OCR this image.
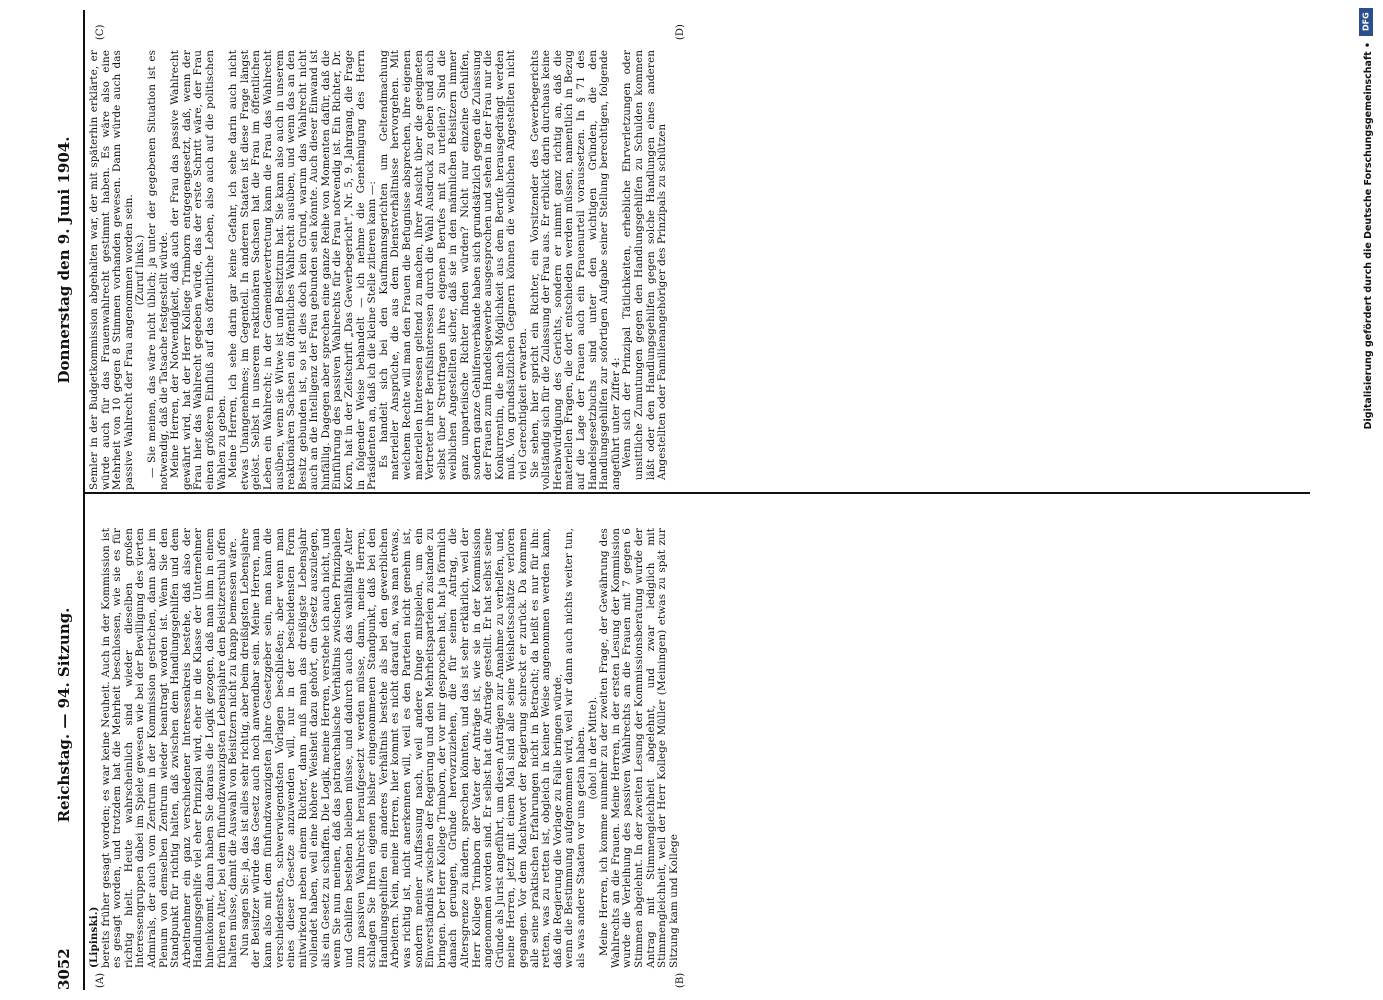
3052
Reichstag. — 94. Sitzung.
Donnerstag den 9. Juni 1904.

(Lipinski.) bereits früher gesagt worden; es war keine Neuheit. Auch in der Kommission ist es gesagt worden, und trotzdem hat die Mehrheit beschlossen, wie sie es für richtig hielt. Heute wahrscheinlich sind wieder dieselben großen Interessengruppen dabei im Spiele gewesen wie bei der Bewilligung des vierten Admirals, der auch vom Zentrum in der Kommission gestrichen, dann aber im Plenum von demselben Zentrum wieder beantragt worden ist. Wenn Sie den Standpunkt für richtig halten, daß zwischen dem Handlungsgehilfen und dem Arbeitnehmer ein ganz verschiedener Interessenkreis bestehe, daß also der Handlungsgehilfe viel eher Prinzipal wird, eher in die Klasse der Unternehmer hineinkommt, dann haben Sie daraus die Logik gezogen, daß man ihm in einem früheren Alter, bei dem fünfundzwanzigsten Lebensjahre den Beisitzerstuhl offen halten müsse, damit die Auswahl von Beisitzern nicht zu knapp bemessen wäre. Nun sagen Sie: ja, das ist alles sehr richtig, aber beim dreißigsten Lebensjahre der Beisitzer würde das Gesetz auch noch anwendbar sein. Meine Herren, man kann also mit dem fünfundzwanzigsten Jahre Gesetzgeber sein, man kann die verschiedensten, schwerwiegendsten Vorlagen beschließen; aber wenn man eines dieser Gesetze anzuwenden will, nur in der bescheidensten Form mitwirkend neben einem Richter, dann muß man das dreißigste Lebensjahr vollendet haben, weil eine höhere Weisheit dazu gehört, ein Gesetz auszulegen, als ein Gesetz zu schaffen. Die Logik, meine Herren, verstehe ich auch nicht, und wenn Sie nun meinen, daß das patriarchalische Verhältnis zwischen Prinzipalen und Gehilfen bestehen bleiben müsse, und dadurch auch das wahlfähige Alter zum passiven Wahlrecht heraufgesetzt werden müsse, dann, meine Herren, schlagen Sie Ihren eigenen bisher eingenommenen Standpunkt, daß bei den Handlungsgehilfen ein anderes Verhältnis bestehe als bei den gewerblichen Arbeitern. Nein, meine Herren, hier kommt es nicht darauf an, was man etwas, was richtig ist, nicht anerkennen will, weil es den Parteien nicht genehm ist, sondern meiner Auffassung nach, weil andere Dinge mitspielen, um ein Einverständnis zwischen der Regierung und den Mehrheitsparteien zustande zu bringen. Der Herr Kollege Trimborn, der vor mir gesprochen hat, hat ja förmlich danach gerungen, Gründe hervorzuziehen, die für seinen Antrag, die Altersgrenze zu ändern, sprechen könnten, und das ist sehr erklärlich, weil der Herr Kollege Trimborn der Vater der Anträge ist, wie sie in der Kommission angenommen worden sind. Er selbst hat die Anträge gestellt. Er hat selbst seine Gründe als Jurist angeführt, um diesen Anträgen zur Annahme zu verhelfen, und, meine Herren, jetzt mit einem Mal sind alle seine Weisheitsschätze verloren gegangen. Vor dem Machtwort der Regierung schreckt er zurück. Da kommen alle seine praktischen Erfahrungen nicht in Betracht; da heißt es nur für ihn: retten, was zu retten ist, obgleich in keiner Weise angenommen werden kann, daß die Regierung die Vorlage zu Falle bringen würde, wenn die Bestimmung aufgenommen wird, weil wir dann auch nichts weiter tun, als was andere Staaten vor uns getan haben. (oho! in der Mitte). Meine Herren, ich komme nunmehr zu der zweiten Frage, der Gewährung des Wahlrechts an die Frauen. Meine Herren, in der ersten Lesung der Kommission wurde die Verleihung des passiven Wahlrechts an die Frauen mit 7 gegen 6 Stimmen abgelehnt. In der zweiten Lesung der Kommissionsberatung wurde der Antrag mit Stimmengleichheit abgelehnt, und zwar lediglich mit Stimmengleichheit, weil der Herr Kollege Müller (Meiningen) etwas zu spät zur Sitzung kam und Kollege

Semler in der Budgetkommission abgehalten war, der mit späterhin erklärte, er würde auch für das Frauenwahlrecht gestimmt haben. Es wäre also eine Mehrheit von 10 gegen 8 Stimmen vorhanden gewesen. Dann würde auch das passive Wahlrecht der Frau angenommen worden sein. (Zuruf links.) — Sie meinen, das wäre nicht üblich; ja unter der gegebenen Situation ist es notwendig, daß die Tatsache festgestellt würde. Meine Herren, der Notwendigkeit, daß auch der Frau das passive Wahlrecht gewährt wird, hat der Herr Kollege Trimborn entgegengesetzt, daß, wenn der Frau hier das Wahlrecht gegeben würde, das der erste Schritt wäre, der Frau einen größeren Einfluß auf das öffentliche Leben, also auch auf die politischen Wahlen zu geben. Meine Herren, ich sehe darin gar keine Gefahr, ich sehe darin auch nicht etwas Unangenehmes; im Gegenteil. In anderen Staaten ist diese Frage längst gelöst. Selbst in unserem reaktionären Sachsen hat die Frau im öffentlichen Leben ein Wahlrecht; in der Gemeindevertretung kann die Frau das Wahlrecht ausüben, wenn sie Witwe ist und Besitztum hat. Sie kann also auch in unserem reaktionären Sachsen ein öffentliches Wahlrecht ausüben, und wenn das an den Besitz gebunden ist, so ist dies doch kein Grund, warum das Wahlrecht nicht auch an die Intelligenz der Frau gebunden sein könnte. Auch dieser Einwand ist hinfällig. Dagegen aber sprechen eine ganze Reihe von Momenten dafür, daß die Einführung des passiven Wahlrechts für die Frau notwendig ist. Ein Richter, Dr. Korn, hat in der Zeitschrift „Das Gewerbegericht", Nr. 5, 9. Jahrgang, die Frage in folgender Weise behandelt — ich nehme die Genehmigung des Herrn Präsidenten an, daß ich die kleine Stelle zitieren kann —: Es handelt sich bei den Kaufmannsgerichten um Geltendmachung materieller Ansprüche, die aus dem Dienstverhältnisse hervorgehen. Mit welchem Rechte will man den Frauen die Befugnisse absprechen, ihre eigenen materiellen Interessen geltend zu machen, ihrer Ansicht über die geeigneten Vertreter ihrer Berufsinteressen durch die Wahl Ausdruck zu geben und auch selbst über Streitfragen ihres eigenen Berufes mit zu urteilen? Sind die weiblichen Angestellten sicher, daß sie in den männlichen Beisitzern immer ganz unparteiische Richter finden würden? Nicht nur einzelne Gehilfen, sondern ganze Gehilfenverbände haben sich grundsätzlich gegen die Zulassung der Frauen zum Handelsgewerbe ausgesprochen und sehen in der Frau nur die Konkurrentin, die nach Möglichkeit aus dem Berufe herausgedrängt werden muß. Von grundsätzlichen Gegnern können die weiblichen Angestellten nicht viel Gerechtigkeit erwarten. Sie sehen, hier spricht ein Richter, ein Vorsitzender des Gewerbegerichts vollständig sich für die Zulassung der Frau aus. Er erblickt darin durchaus keine Herabwürdigung des Gerichts, sondern er nimmt ganz richtig an, daß die materiellen Fragen, die dort entschieden werden müssen, namentlich in Bezug auf die Lage der Frauen auch ein Frauenurteil voraussetzen. In § 71 des Handelsgesetzbuchs sind unter den wichtigen Gründen, die den Handlungsgehilfen zur sofortigen Aufgabe seiner Stellung berechtigen, folgende angeführt unter Ziffer 4: Wenn sich der Prinzipal Tätlichkeiten, erhebliche Ehrverletzungen oder unsittliche Zumutungen gegen den Handlungsgehilfen zu Schulden kommen läßt oder den Handlungsgehilfen gegen solche Handlungen eines anderen Angestellten oder Familienangehöriger des Prinzipals zu schützen

(A)	(B)
(C)	(D)
DFG
Digitalisierung gefördert durch die Deutsche Forschungsgemeinschaft •
